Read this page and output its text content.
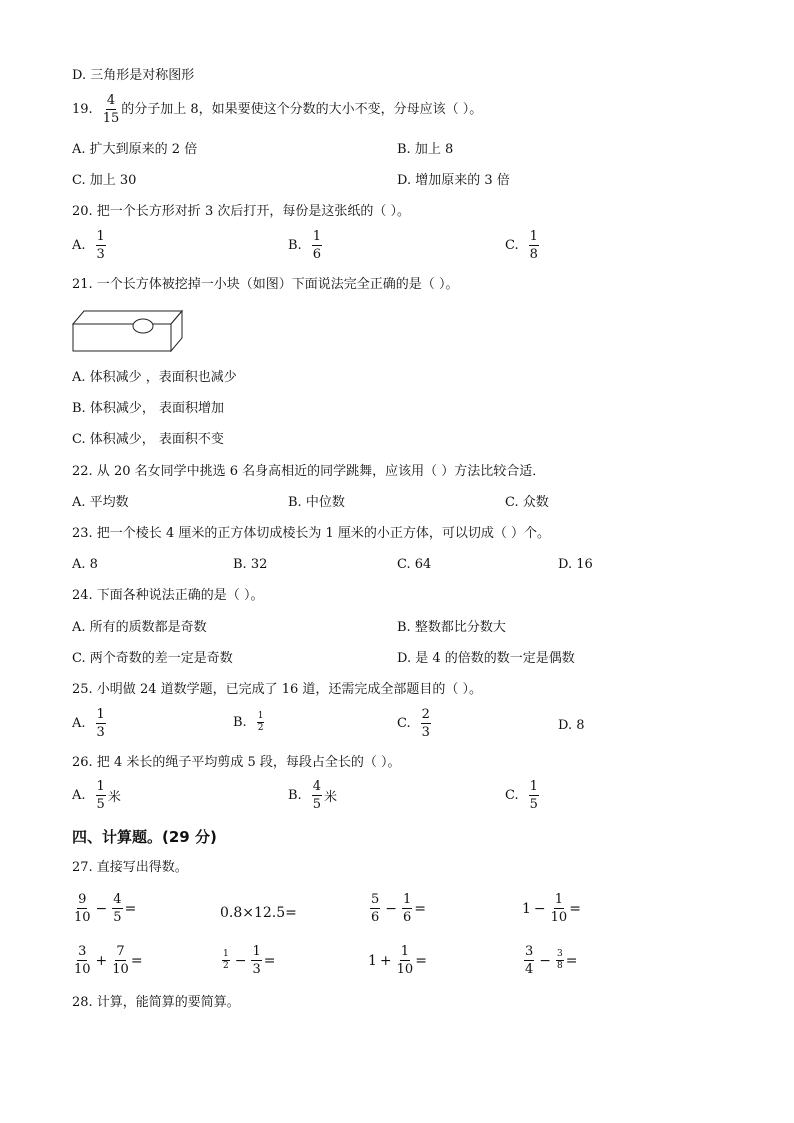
D. 三角形是对称图形
19. $\frac{4}{15}$ 的分子加上 8，如果要使这个分数的大小不变，分母应该（ ）。
A. 扩大到原来的 2 倍	B. 加上 8
C. 加上 30	D. 增加原来的 3 倍
20. 把一个长方形对折 3 次后打开，每份是这张纸的（ ）。
A. $\frac{1}{3}$	B. $\frac{1}{6}$	C. $\frac{1}{8}$
21. 一个长方体被挖掉一小块（如图）下面说法完全正确的是（ ）。
A. 体积减少 ，表面积也减少
B. 体积减少， 表面积增加
C. 体积减少， 表面积不变
22. 从 20 名女同学中挑选 6 名身高相近的同学跳舞，应该用（ ）方法比较合适．
A. 平均数	B. 中位数	C. 众数
23. 把一个棱长 4 厘米的正方体切成棱长为 1 厘米的小正方体，可以切成（ ）个。
A. 8	B. 32	C. 64	D. 16
24. 下面各种说法正确的是（ ）。
A. 所有的质数都是奇数	B. 整数都比分数大
C. 两个奇数的差一定是奇数	D. 是 4 的倍数的数一定是偶数
25. 小明做 24 道数学题，已完成了 16 道，还需完成全部题目的（ ）。
A. $\frac{1}{3}$	B. $\frac{1}{2}$	C. $\frac{2}{3}$	D. 8
26. 把 4 米长的绳子平均剪成 5 段，每段占全长的（ ）。
A. $\frac{1}{5}$ 米	B. $\frac{4}{5}$ 米	C. $\frac{1}{5}$
四、计算题。(29 分)
27. 直接写出得数。
$\frac{9}{10} - \frac{4}{5}$ =	0.8×12.5=	$\frac{5}{6} - \frac{1}{6}$ =	$1 - \frac{1}{10}$ =
$\frac{3}{10} + \frac{7}{10}$ =	$\frac{1}{2} - \frac{1}{3}$ =	$1 + \frac{1}{10}$ =	$\frac{3}{4} - \frac{3}{8}$ =
28. 计算，能简算的要简算。
